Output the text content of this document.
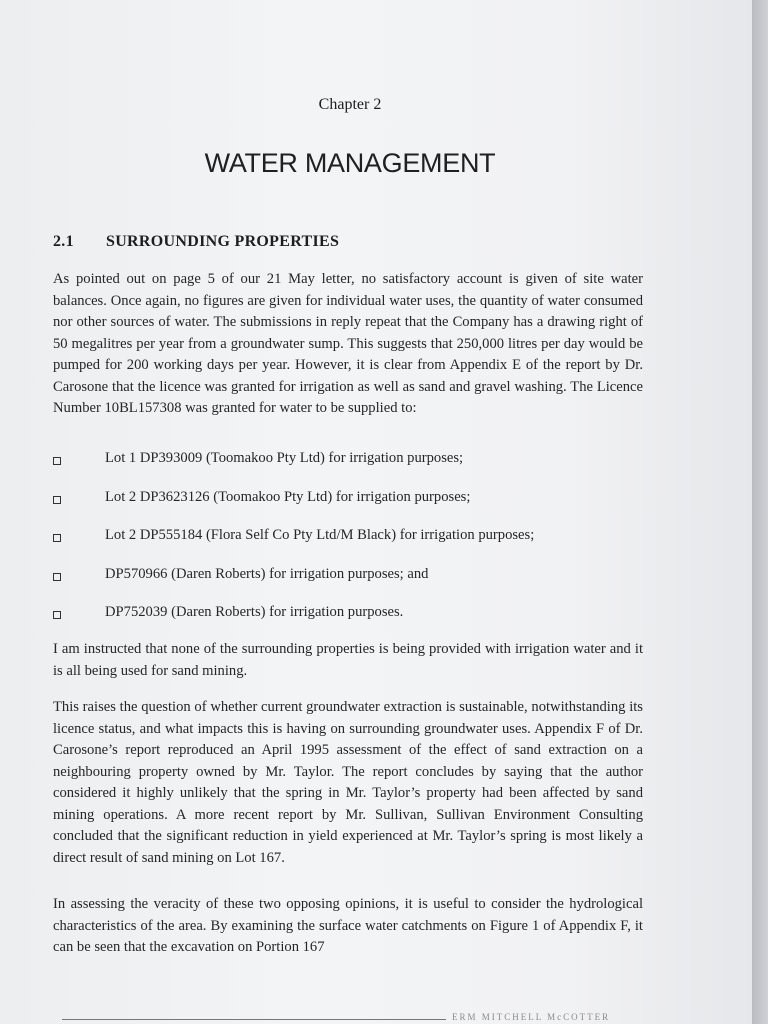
Chapter 2
WATER MANAGEMENT
2.1 SURROUNDING PROPERTIES
As pointed out on page 5 of our 21 May letter, no satisfactory account is given of site water balances. Once again, no figures are given for individual water uses, the quantity of water consumed nor other sources of water. The submissions in reply repeat that the Company has a drawing right of 50 megalitres per year from a groundwater sump. This suggests that 250,000 litres per day would be pumped for 200 working days per year. However, it is clear from Appendix E of the report by Dr. Carosone that the licence was granted for irrigation as well as sand and gravel washing. The Licence Number 10BL157308 was granted for water to be supplied to:
Lot 1 DP393009 (Toomakoo Pty Ltd) for irrigation purposes;
Lot 2 DP3623126 (Toomakoo Pty Ltd) for irrigation purposes;
Lot 2 DP555184 (Flora Self Co Pty Ltd/M Black) for irrigation purposes;
DP570966 (Daren Roberts) for irrigation purposes; and
DP752039 (Daren Roberts) for irrigation purposes.
I am instructed that none of the surrounding properties is being provided with irrigation water and it is all being used for sand mining.
This raises the question of whether current groundwater extraction is sustainable, notwithstanding its licence status, and what impacts this is having on surrounding groundwater uses. Appendix F of Dr. Carosone’s report reproduced an April 1995 assessment of the effect of sand extraction on a neighbouring property owned by Mr. Taylor. The report concludes by saying that the author considered it highly unlikely that the spring in Mr. Taylor’s property had been affected by sand mining operations. A more recent report by Mr. Sullivan, Sullivan Environment Consulting concluded that the significant reduction in yield experienced at Mr. Taylor’s spring is most likely a direct result of sand mining on Lot 167.
In assessing the veracity of these two opposing opinions, it is useful to consider the hydrological characteristics of the area. By examining the surface water catchments on Figure 1 of Appendix F, it can be seen that the excavation on Portion 167
ERM MITCHELL McCOTTER
